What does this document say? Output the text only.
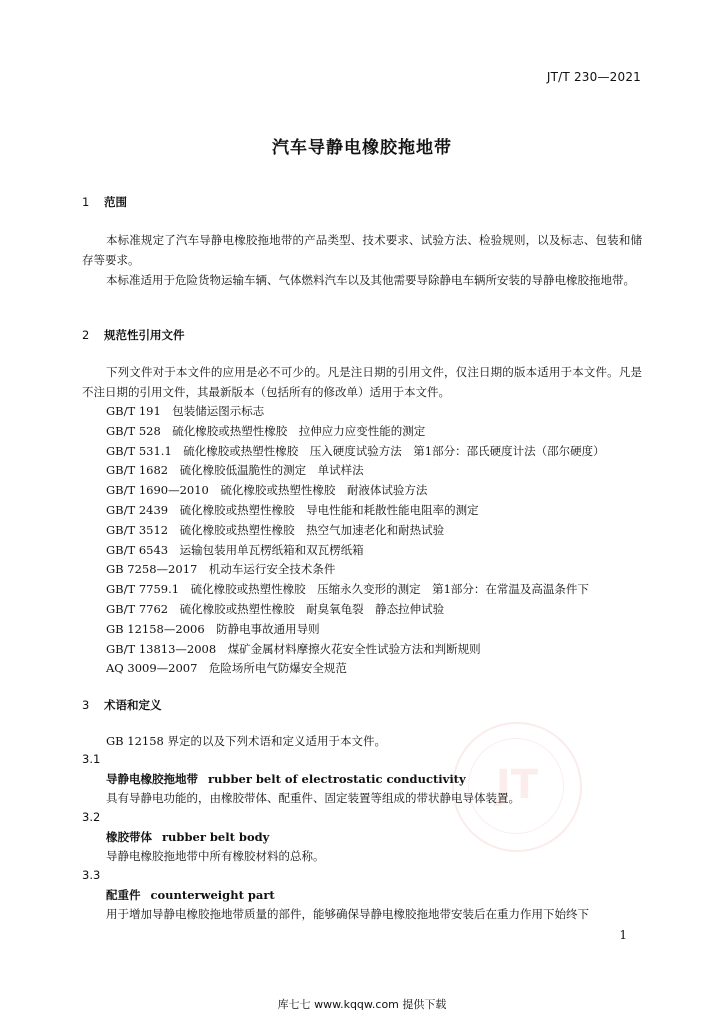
JT
JT/T 230—2021
汽车导静电橡胶拖地带
1 范围
本标准规定了汽车导静电橡胶拖地带的产品类型、技术要求、试验方法、检验规则，以及标志、包装和储存等要求。
本标准适用于危险货物运输车辆、气体燃料汽车以及其他需要导除静电车辆所安装的导静电橡胶拖地带。
2 规范性引用文件
下列文件对于本文件的应用是必不可少的。凡是注日期的引用文件，仅注日期的版本适用于本文件。凡是不注日期的引用文件，其最新版本（包括所有的修改单）适用于本文件。
GB/T 191　包装储运图示标志
GB/T 528　硫化橡胶或热塑性橡胶　拉伸应力应变性能的测定
GB/T 531.1　硫化橡胶或热塑性橡胶　压入硬度试验方法　第1部分：邵氏硬度计法（邵尔硬度）
GB/T 1682　硫化橡胶低温脆性的测定　单试样法
GB/T 1690—2010　硫化橡胶或热塑性橡胶　耐液体试验方法
GB/T 2439　硫化橡胶或热塑性橡胶　导电性能和耗散性能电阻率的测定
GB/T 3512　硫化橡胶或热塑性橡胶　热空气加速老化和耐热试验
GB/T 6543　运输包装用单瓦楞纸箱和双瓦楞纸箱
GB 7258—2017　机动车运行安全技术条件
GB/T 7759.1　硫化橡胶或热塑性橡胶　压缩永久变形的测定　第1部分：在常温及高温条件下
GB/T 7762　硫化橡胶或热塑性橡胶　耐臭氧龟裂　静态拉伸试验
GB 12158—2006　防静电事故通用导则
GB/T 13813—2008　煤矿金属材料摩擦火花安全性试验方法和判断规则
AQ 3009—2007　危险场所电气防爆安全规范
3 术语和定义
GB 12158 界定的以及下列术语和定义适用于本文件。
3.1
导静电橡胶拖地带 rubber belt of electrostatic conductivity
具有导静电功能的，由橡胶带体、配重件、固定装置等组成的带状静电导体装置。
3.2
橡胶带体 rubber belt body
导静电橡胶拖地带中所有橡胶材料的总称。
3.3
配重件 counterweight part
用于增加导静电橡胶拖地带质量的部件，能够确保导静电橡胶拖地带安装后在重力作用下始终下
1
库七七 www.kqqw.com 提供下载
